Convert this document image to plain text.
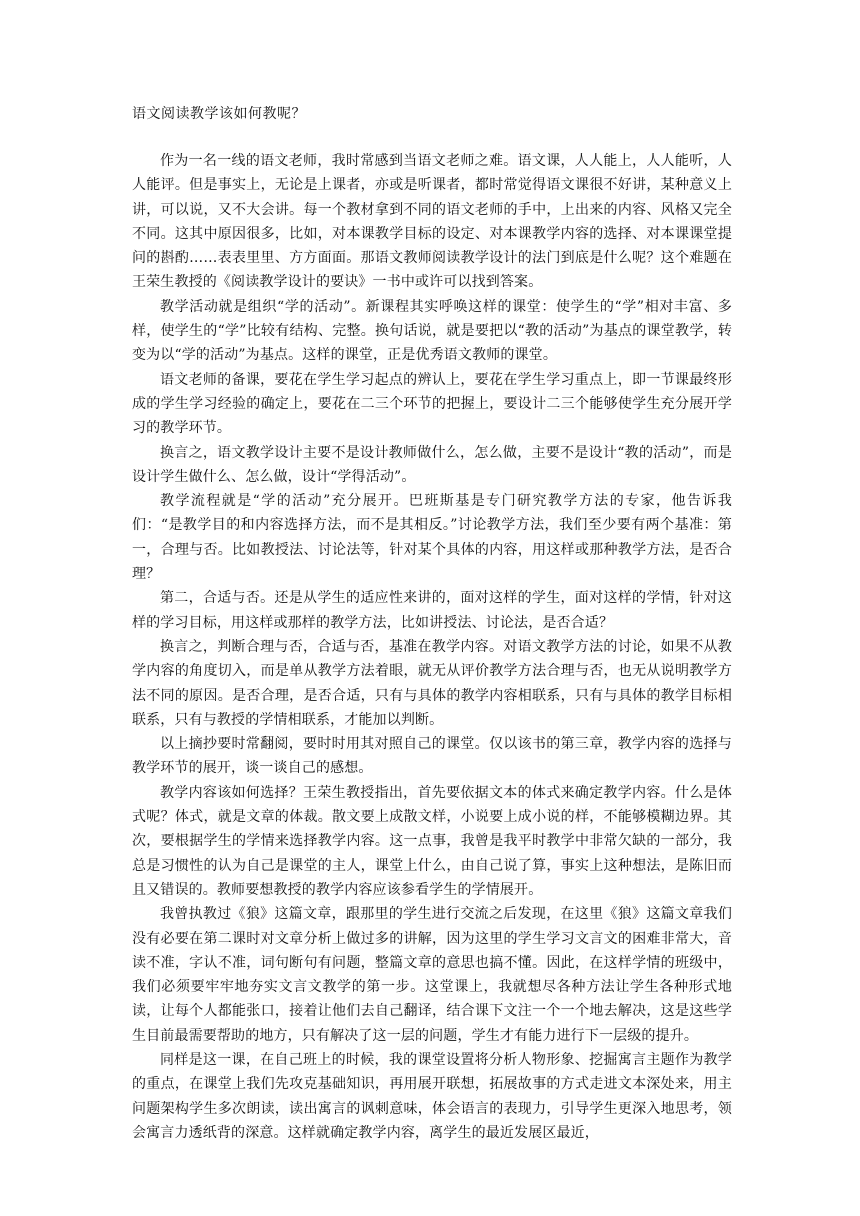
语文阅读教学该如何教呢？

作为一名一线的语文老师，我时常感到当语文老师之难。语文课，人人能上，人人能听，人人能评。但是事实上，无论是上课者，亦或是听课者，都时常觉得语文课很不好讲，某种意义上讲，可以说，又不大会讲。每一个教材拿到不同的语文老师的手中，上出来的内容、风格又完全不同。这其中原因很多，比如，对本课教学目标的设定、对本课教学内容的选择、对本课课堂提问的斟酌……表表里里、方方面面。那语文教师阅读教学设计的法门到底是什么呢？这个难题在王荣生教授的《阅读教学设计的要诀》一书中或许可以找到答案。

教学活动就是组织“学的活动”。新课程其实呼唤这样的课堂：使学生的“学”相对丰富、多样，使学生的“学”比较有结构、完整。换句话说，就是要把以“教的活动”为基点的课堂教学，转变为以“学的活动”为基点。这样的课堂，正是优秀语文教师的课堂。

语文老师的备课，要花在学生学习起点的辨认上，要花在学生学习重点上，即一节课最终形成的学生学习经验的确定上，要花在二三个环节的把握上，要设计二三个能够使学生充分展开学习的教学环节。

换言之，语文教学设计主要不是设计教师做什么，怎么做，主要不是设计“教的活动”，而是设计学生做什么、怎么做，设计“学得活动”。

教学流程就是“学的活动”充分展开。巴班斯基是专门研究教学方法的专家，他告诉我们：“是教学目的和内容选择方法，而不是其相反。”讨论教学方法，我们至少要有两个基准：第一，合理与否。比如教授法、讨论法等，针对某个具体的内容，用这样或那种教学方法，是否合理？

第二，合适与否。还是从学生的适应性来讲的，面对这样的学生，面对这样的学情，针对这样的学习目标，用这样或那样的教学方法，比如讲授法、讨论法，是否合适？

换言之，判断合理与否，合适与否，基准在教学内容。对语文教学方法的讨论，如果不从教学内容的角度切入，而是单从教学方法着眼，就无从评价教学方法合理与否，也无从说明教学方法不同的原因。是否合理，是否合适，只有与具体的教学内容相联系，只有与具体的教学目标相联系，只有与教授的学情相联系，才能加以判断。

以上摘抄要时常翻阅，要时时用其对照自己的课堂。仅以该书的第三章，教学内容的选择与教学环节的展开，谈一谈自己的感想。

教学内容该如何选择？王荣生教授指出，首先要依据文本的体式来确定教学内容。什么是体式呢？体式，就是文章的体裁。散文要上成散文样，小说要上成小说的样，不能够模糊边界。其次，要根据学生的学情来选择教学内容。这一点事，我曾是我平时教学中非常欠缺的一部分，我总是习惯性的认为自己是课堂的主人，课堂上什么，由自己说了算，事实上这种想法，是陈旧而且又错误的。教师要想教授的教学内容应该参看学生的学情展开。

我曾执教过《狼》这篇文章，跟那里的学生进行交流之后发现，在这里《狼》这篇文章我们没有必要在第二课时对文章分析上做过多的讲解，因为这里的学生学习文言文的困难非常大，音读不准，字认不准，词句断句有问题，整篇文章的意思也搞不懂。因此，在这样学情的班级中，我们必须要牢牢地夯实文言文教学的第一步。这堂课上，我就想尽各种方法让学生各种形式地读，让每个人都能张口，接着让他们去自己翻译，结合课下文注一个一个地去解决，这是这些学生目前最需要帮助的地方，只有解决了这一层的问题，学生才有能力进行下一层级的提升。

同样是这一课，在自己班上的时候，我的课堂设置将分析人物形象、挖掘寓言主题作为教学的重点，在课堂上我们先攻克基础知识，再用展开联想，拓展故事的方式走进文本深处来，用主问题架构学生多次朗读，读出寓言的讽刺意味，体会语言的表现力，引导学生更深入地思考，领会寓言力透纸背的深意。这样就确定教学内容，离学生的最近发展区最近，
